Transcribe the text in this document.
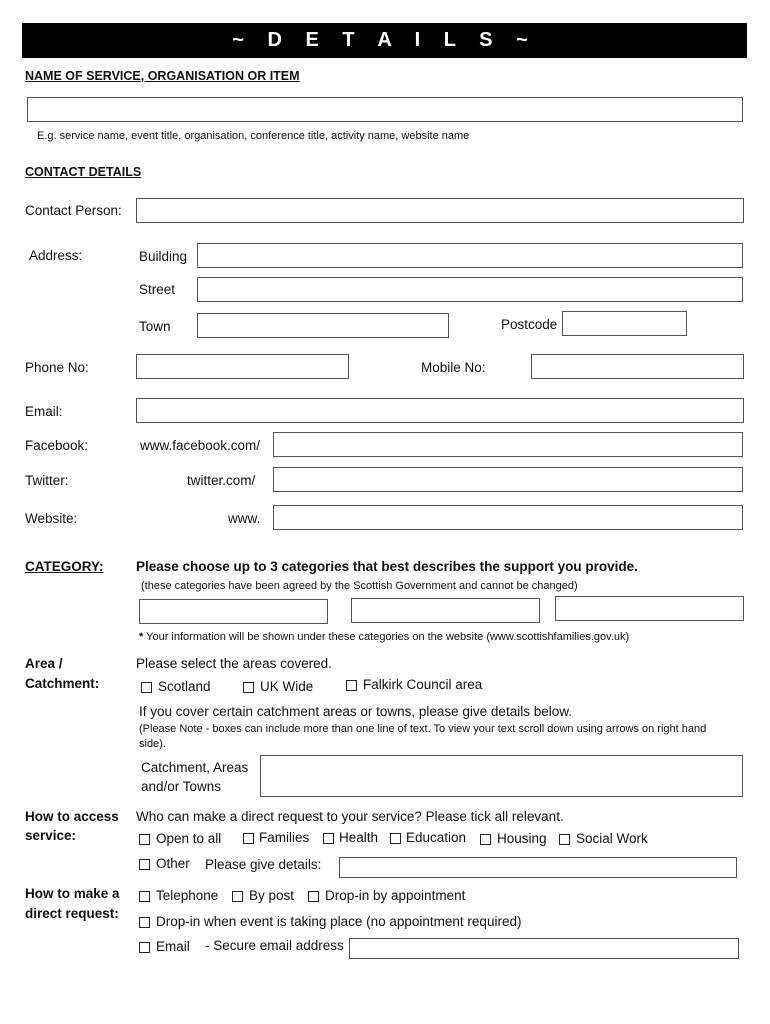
~ D E T A I L S ~
NAME OF SERVICE, ORGANISATION OR ITEM
E.g. service name, event title, organisation, conference title, activity name, website name
CONTACT DETAILS
Contact Person:
Address:	Building
Street
Town	Postcode
Phone No:	Mobile No:
Email:
Facebook:	www.facebook.com/
Twitter:	twitter.com/
Website:	www.
CATEGORY: Please choose up to 3 categories that best describes the support you provide.
(these categories have been agreed by the Scottish Government and cannot be changed)
* Your information will be shown under these categories on the website (www.scottishfamilies.gov.uk)
Area /
Catchment:
Please select the areas covered.
Scotland	UK Wide	Falkirk Council area
If you cover certain catchment areas or towns, please give details below.
(Please Note - boxes can include more than one line of text. To view your text scroll down using arrows on right hand side).
Catchment, Areas
and/or Towns
How to access
service:
Who can make a direct request to your service? Please tick all relevant.
Open to all	Families Health Education Housing Social Work
Other Please give details:
How to make a
direct request:
Telephone By post Drop-in by appointment
Drop-in when event is taking place (no appointment required)
Email - Secure email address
